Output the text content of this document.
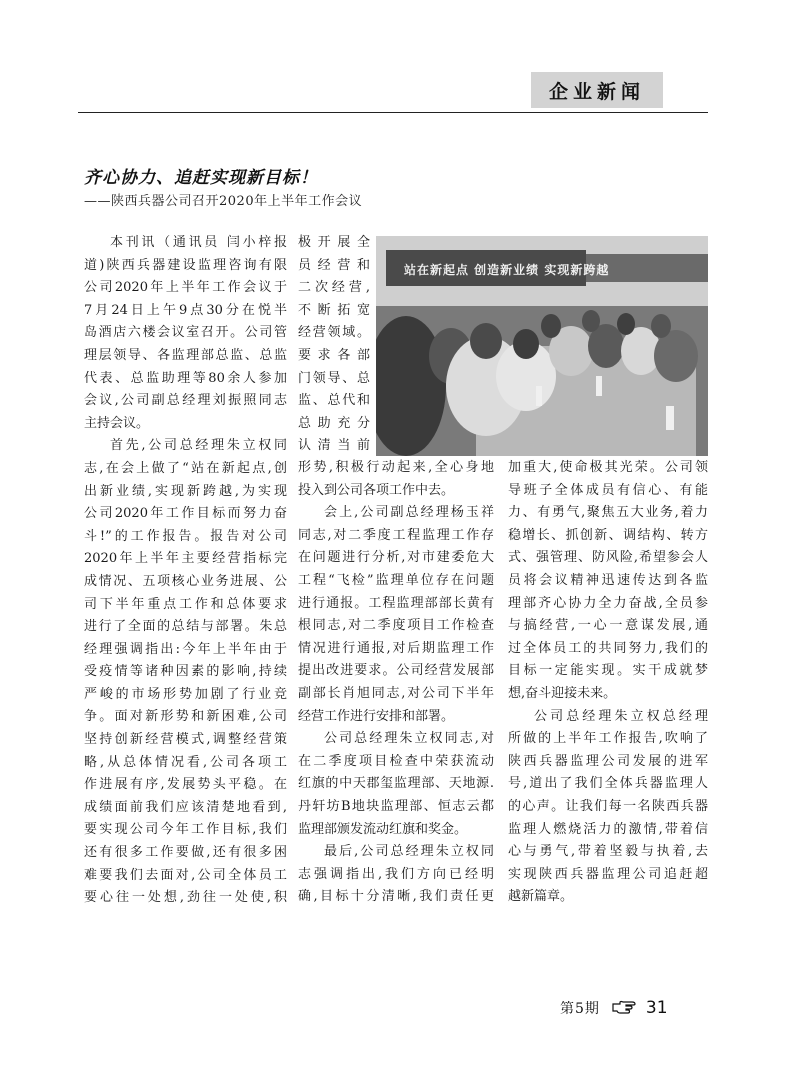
企业新闻
齐心协力、追赶实现新目标！

——陕西兵器公司召开2020年上半年工作会议

本刊讯（通讯员 闫小梓报

道)陕西兵器建设监理咨询有限

公司2020年上半年工作会议于

7月24日上午9点30分在悦半

岛酒店六楼会议室召开。公司管

理层领导、各监理部总监、总监

代表、总监助理等80余人参加

会议,公司副总经理刘振照同志

主持会议。

首先,公司总经理朱立权同

志,在会上做了“站在新起点,创

出新业绩,实现新跨越,为实现

公司2020年工作目标而努力奋

斗!”的工作报告。报告对公司

2020年上半年主要经营指标完

成情况、五项核心业务进展、公

司下半年重点工作和总体要求

进行了全面的总结与部署。朱总

经理强调指出:今年上半年由于

受疫情等诸种因素的影响,持续

严峻的市场形势加剧了行业竞

争。面对新形势和新困难,公司

坚持创新经营模式,调整经营策

略,从总体情况看,公司各项工

作进展有序,发展势头平稳。在

成绩面前我们应该清楚地看到,

要实现公司今年工作目标,我们

还有很多工作要做,还有很多困

难要我们去面对,公司全体员工

要心往一处想,劲往一处使,积

极开展全

员经营和

二次经营,

不断拓宽

经营领域。

要求各部

门领导、总

监、总代和

总助充分

认清当前

站在新起点 创造新业绩 实现新跨越

形势,积极行动起来,全心身地

投入到公司各项工作中去。

会上,公司副总经理杨玉祥

同志,对二季度工程监理工作存

在问题进行分析,对市建委危大

工程“飞检”监理单位存在问题

进行通报。工程监理部部长黄有

根同志,对二季度项目工作检查

情况进行通报,对后期监理工作

提出改进要求。公司经营发展部

副部长肖旭同志,对公司下半年

经营工作进行安排和部署。

公司总经理朱立权同志,对

在二季度项目检查中荣获流动

红旗的中天郡玺监理部、天地源.

丹轩坊B地块监理部、恒志云都

监理部颁发流动红旗和奖金。

最后,公司总经理朱立权同

志强调指出,我们方向已经明

确,目标十分清晰,我们责任更

加重大,使命极其光荣。公司领

导班子全体成员有信心、有能

力、有勇气,聚焦五大业务,着力

稳增长、抓创新、调结构、转方

式、强管理、防风险,希望参会人

员将会议精神迅速传达到各监

理部齐心协力全力奋战,全员参

与搞经营,一心一意谋发展,通

过全体员工的共同努力,我们的

目标一定能实现。实干成就梦

想,奋斗迎接未来。

公司总经理朱立权总经理

所做的上半年工作报告,吹响了

陕西兵器监理公司发展的进军

号,道出了我们全体兵器监理人

的心声。让我们每一名陕西兵器

监理人燃烧活力的激情,带着信

心与勇气,带着坚毅与执着,去

实现陕西兵器监理公司追赶超

越新篇章。

第5期	31
